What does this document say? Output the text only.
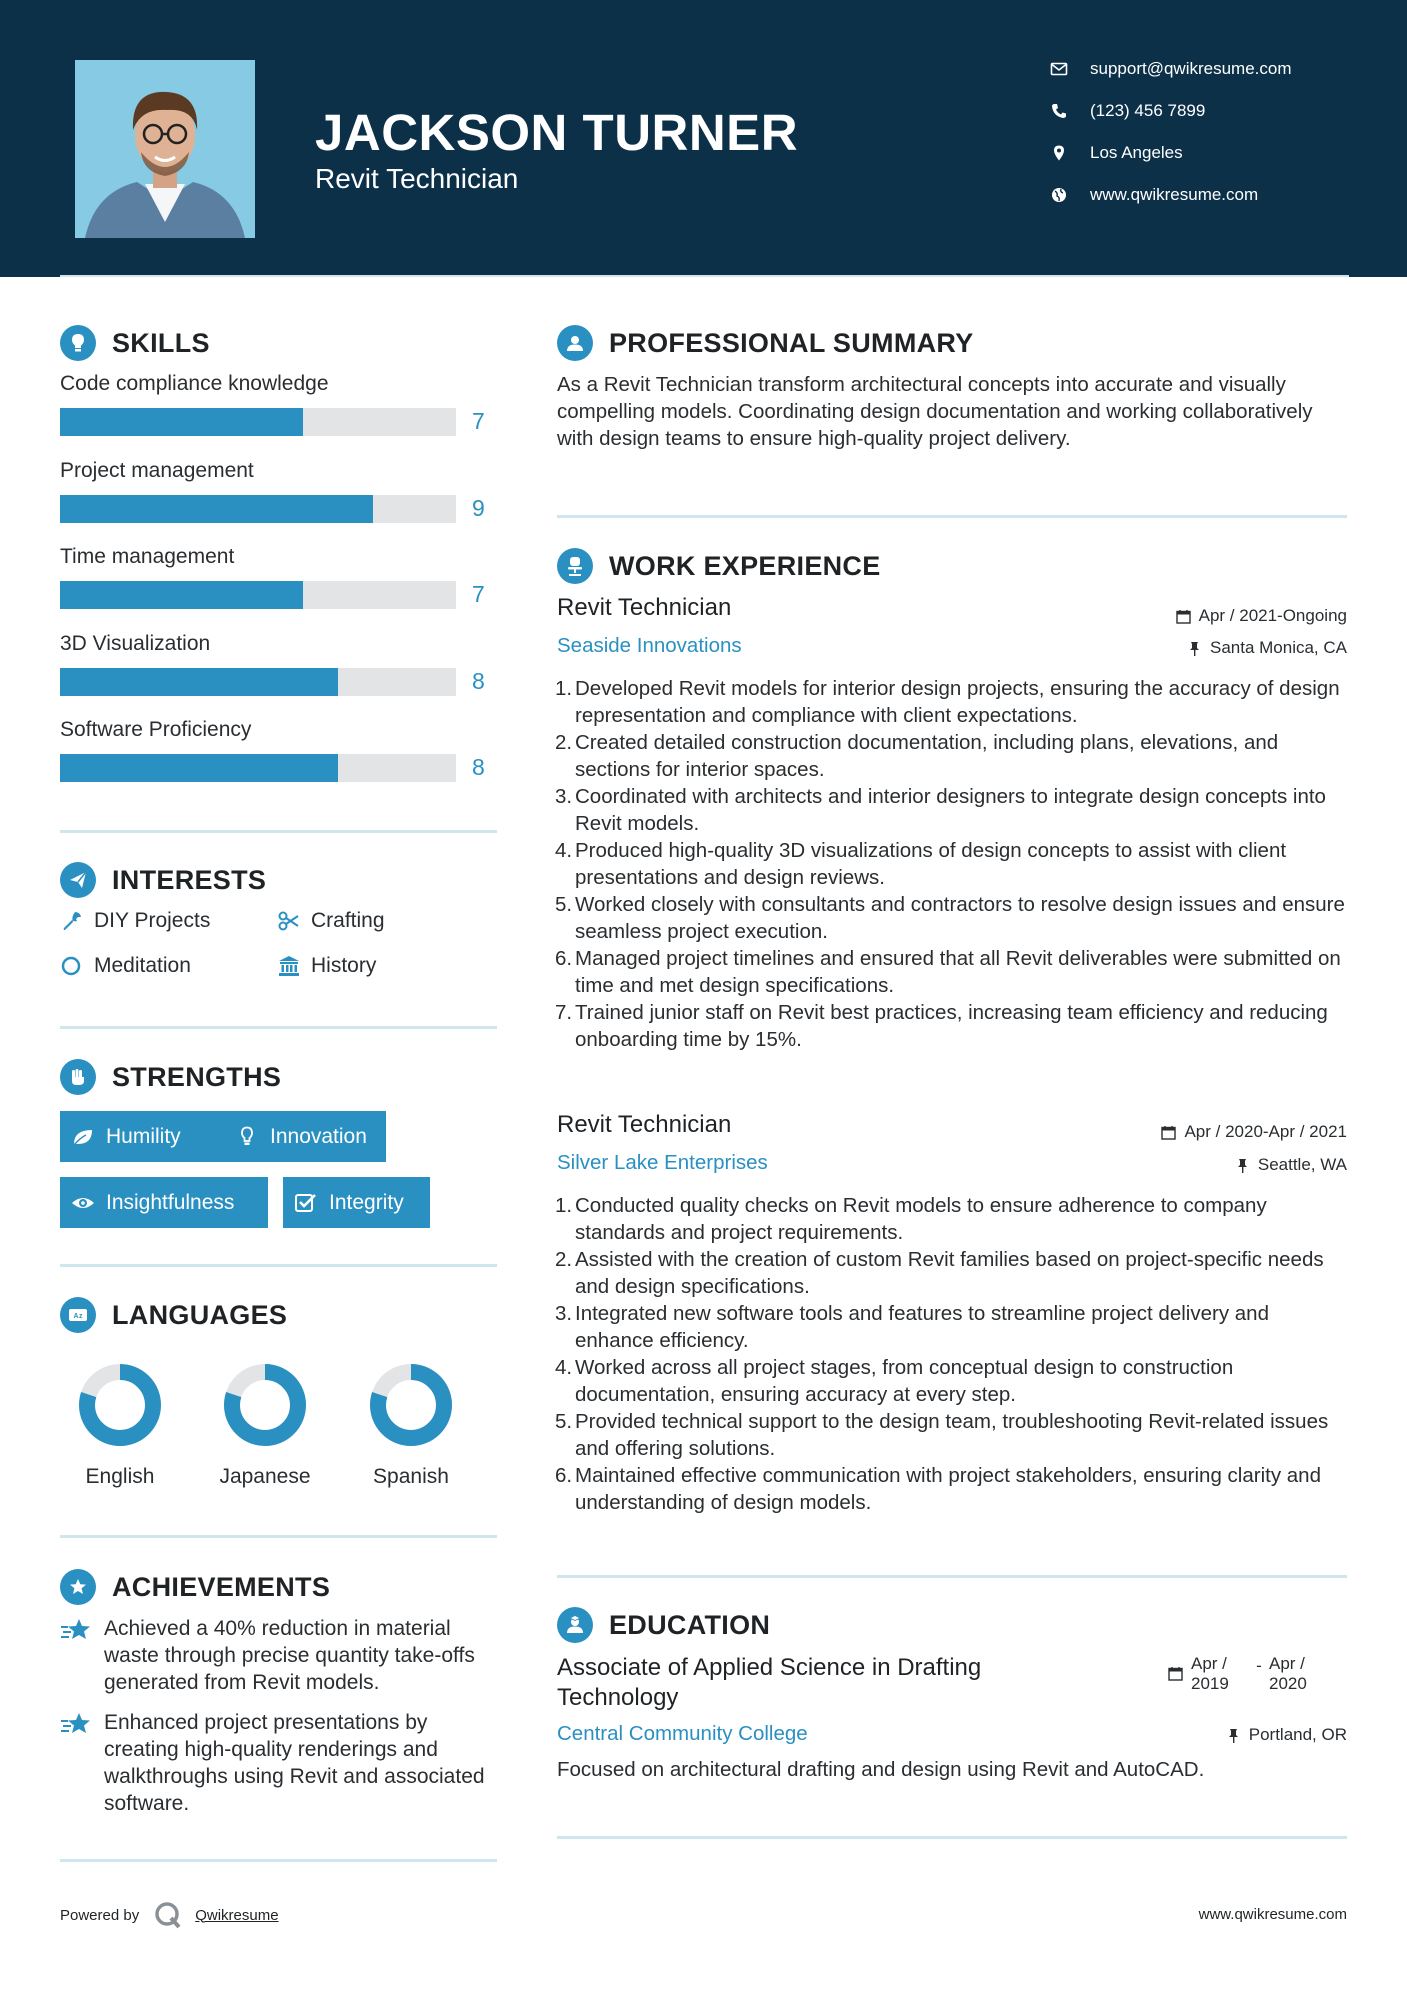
JACKSON TURNER
Revit Technician
support@qwikresume.com
(123) 456 7899
Los Angeles
www.qwikresume.com
SKILLS
Code compliance knowledge
7
Project management
9
Time management
7
3D Visualization
8
Software Proficiency
8
INTERESTS
DIY Projects	Crafting
Meditation	History
STRENGTHS
Humility	Innovation
Insightfulness	Integrity
A z LANGUAGES
English	Japanese	Spanish
ACHIEVEMENTS
Achieved a 40% reduction in material waste through precise quantity take-offs generated from Revit models.
Enhanced project presentations by creating high-quality renderings and walkthroughs using Revit and associated software.
PROFESSIONAL SUMMARY
As a Revit Technician transform architectural concepts into accurate and visually compelling models. Coordinating design documentation and working collaboratively with design teams to ensure high-quality project delivery.
WORK EXPERIENCE
Revit Technician
Seaside Innovations
Apr / 2021-Ongoing
Santa Monica, CA
1. Developed Revit models for interior design projects, ensuring the accuracy of design representation and compliance with client expectations.
2. Created detailed construction documentation, including plans, elevations, and sections for interior spaces.
3. Coordinated with architects and interior designers to integrate design concepts into Revit models.
4. Produced high-quality 3D visualizations of design concepts to assist with client presentations and design reviews.
5. Worked closely with consultants and contractors to resolve design issues and ensure seamless project execution.
6. Managed project timelines and ensured that all Revit deliverables were submitted on time and met design specifications.
7. Trained junior staff on Revit best practices, increasing team efficiency and reducing onboarding time by 15%.
Revit Technician
Silver Lake Enterprises
Apr / 2020-Apr / 2021
Seattle, WA
1. Conducted quality checks on Revit models to ensure adherence to company standards and project requirements.
2. Assisted with the creation of custom Revit families based on project-specific needs and design specifications.
3. Integrated new software tools and features to streamline project delivery and enhance efficiency.
4. Worked across all project stages, from conceptual design to construction documentation, ensuring accuracy at every step.
5. Provided technical support to the design team, troubleshooting Revit-related issues and offering solutions.
6. Maintained effective communication with project stakeholders, ensuring clarity and understanding of design models.
EDUCATION
Associate of Applied Science in Drafting Technology
Apr / 2019
- Apr / 2020
Central Community College	Portland, OR
Focused on architectural drafting and design using Revit and AutoCAD.
Powered by	Qwikresume	www.qwikresume.com
